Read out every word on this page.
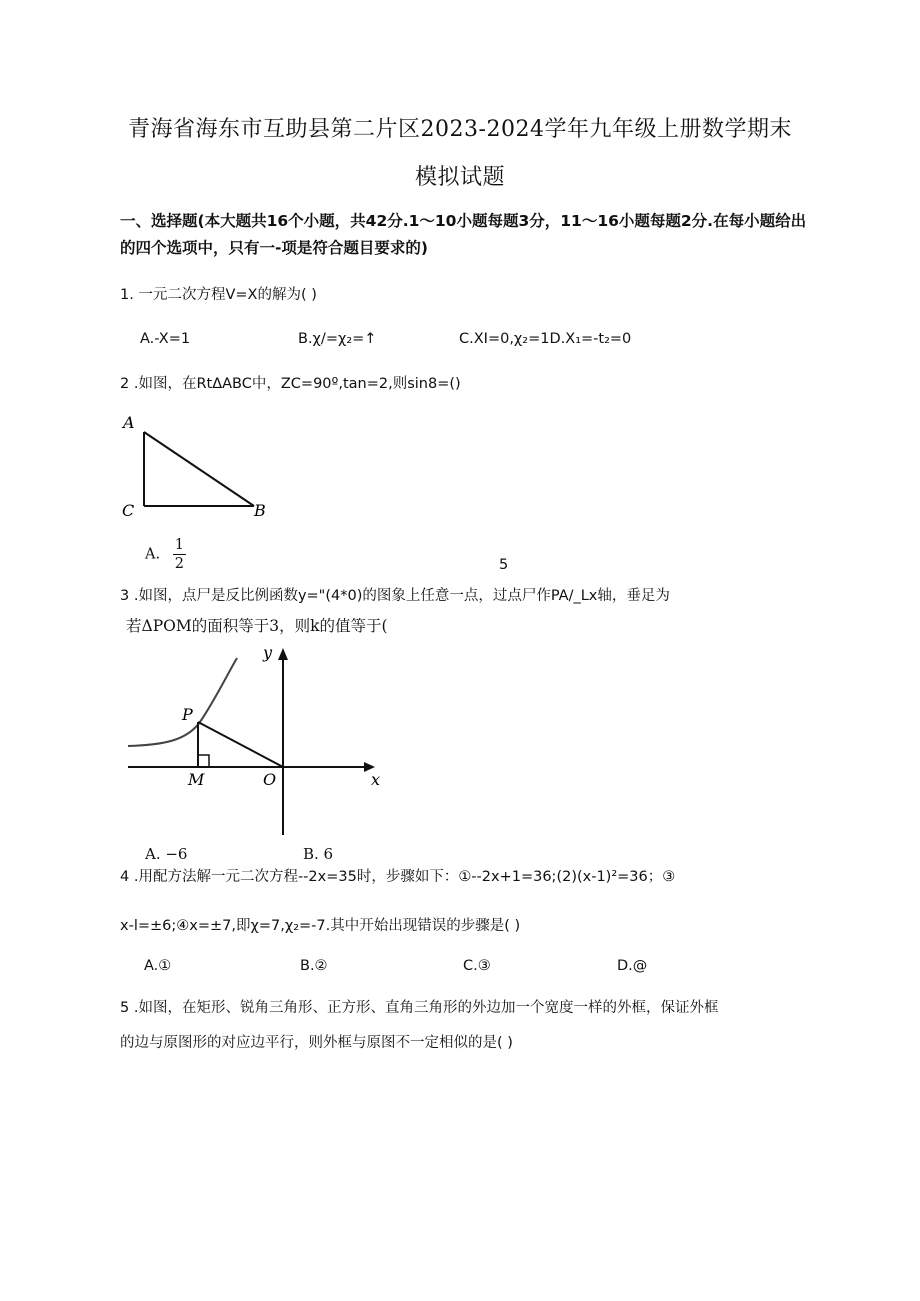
青海省海东市互助县第二片区2023-2024学年九年级上册数学期末
模拟试题
一、选择题(本大题共16个小题，共42分.1～10小题每题3分，11～16小题每题2分.在每小题给出
的四个选项中，只有一-项是符合题目要求的)
1. 一元二次方程V=X的解为( )
A.-X=1	B.χ/=χ₂=↑	C.XI=0,χ₂=1D.X₁=-t₂=0
2 .如图，在RtΔABC中，ZC=90º,tan=2,则sin8=()
A
C	B
A. $\frac{1}{2}$	5
3 .如图，点尸是反比例函数y="(4*0)的图象上任意一点，过点尸作PA/_Lx轴，垂足为
若ΔPOM的面积等于3，则k的值等于(
P
M	O	x
y
A. −6	B. 6
4 .用配方法解一元二次方程--2x=35时，步骤如下：①--2x+1=36;(2)(x-1)²=36；③
x-l=±6;④x=±7,即χ=7,χ₂=-7.其中开始出现错误的步骤是( )
A.①	B.②	C.③	D.@
5 .如图，在矩形、锐角三角形、正方形、直角三角形的外边加一个宽度一样的外框，保证外框
的边与原图形的对应边平行，则外框与原图不一定相似的是( )
